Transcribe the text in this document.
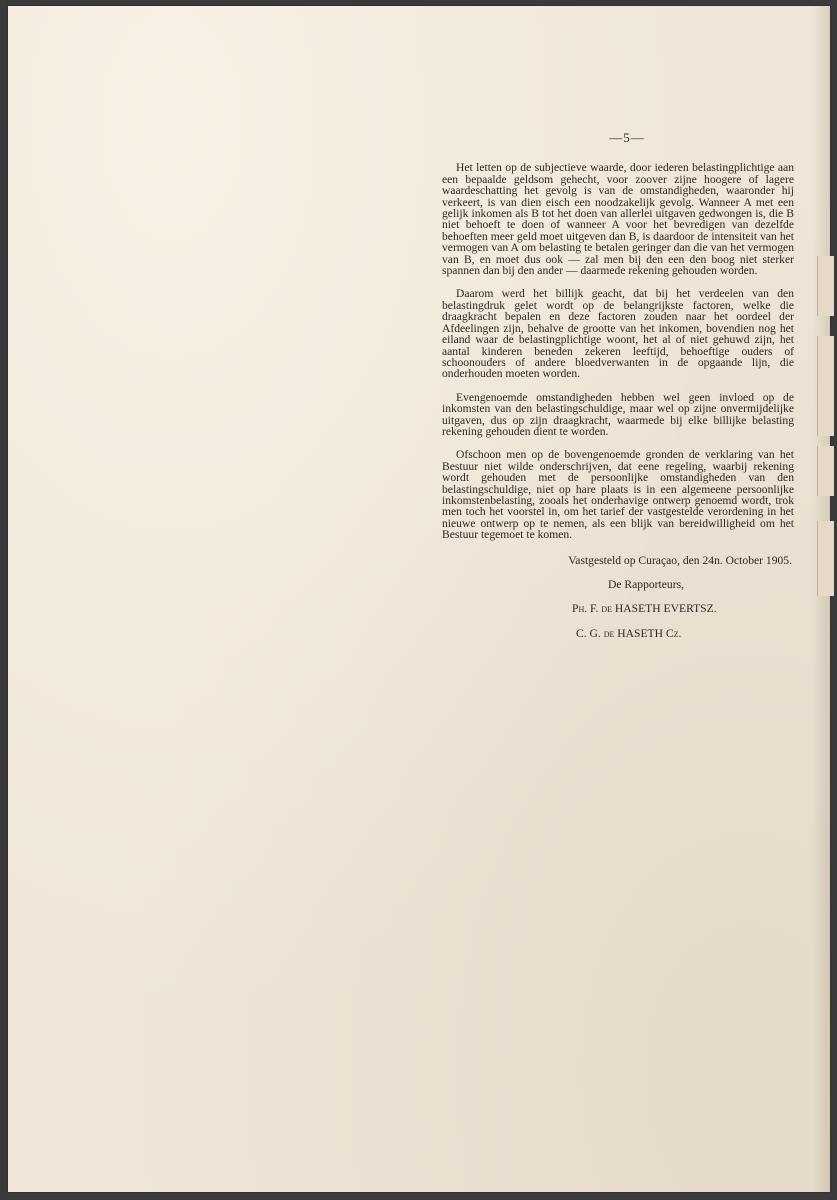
—5—

Het letten op de subjectieve waarde, door iederen belastingplichtige aan een bepaalde geldsom gehecht, voor zoover zijne hoogere of lagere waardeschatting het gevolg is van de omstandigheden, waaronder hij verkeert, is van dien eisch een noodzakelijk gevolg. Wanneer A met een gelijk inkomen als B tot het doen van allerlei uitgaven gedwongen is, die B niet behoeft te doen of wanneer A voor het bevredigen van dezelfde behoeften meer geld moet uitgeven dan B, is daardoor de intensiteit van het vermogen van A om belasting te betalen geringer dan die van het vermogen van B, en moet dus ook — zal men bij den een den boog niet sterker spannen dan bij den ander — daarmede rekening gehouden worden.

Daarom werd het billijk geacht, dat bij het verdeelen van den belastingdruk gelet wordt op de belangrijkste factoren, welke die draagkracht bepalen en deze factoren zouden naar het oordeel der Afdeelingen zijn, behalve de grootte van het inkomen, bovendien nog het eiland waar de belastingplichtige woont, het al of niet gehuwd zijn, het aantal kinderen beneden zekeren leeftijd, behoeftige ouders of schoonouders of andere bloedverwanten in de opgaande lijn, die onderhouden moeten worden.

Evengenoemde omstandigheden hebben wel geen invloed op de inkomsten van den belastingschuldige, maar wel op zijne onvermijdelijke uitgaven, dus op zijn draagkracht, waarmede bij elke billijke belasting rekening gehouden dient te worden.

Ofschoon men op de bovengenoemde gronden de verklaring van het Bestuur niet wilde onderschrijven, dat eene regeling, waarbij rekening wordt gehouden met de persoonlijke omstandigheden van den belastingschuldige, niet op hare plaats is in een algemeene persoonlijke inkomstenbelasting, zooals het onderhavige ontwerp genoemd wordt, trok men toch het voorstel in, om het tarief der vastgestelde verordening in het nieuwe ontwerp op te nemen, als een blijk van bereidwilligheid om het Bestuur tegemoet te komen.

Vastgesteld op Curaçao, den 24n. October 1905.
De Rapporteurs,
Ph. F. de HASETH EVERTSZ.
C. G. de HASETH Cz.
